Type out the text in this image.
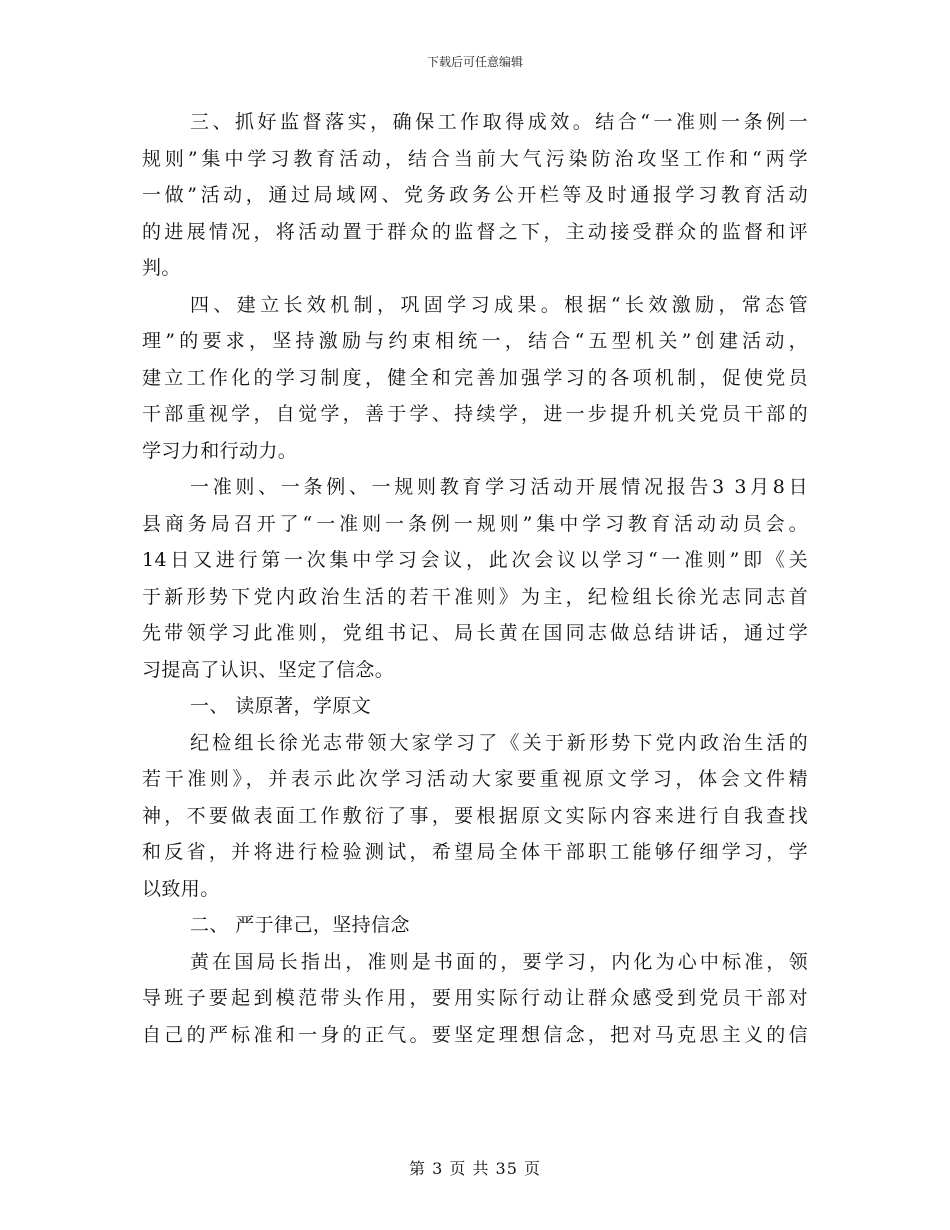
下载后可任意编辑
三、抓好监督落实，确保工作取得成效。结合“一准则一条例一
规则”集中学习教育活动，结合当前大气污染防治攻坚工作和“两学
一做”活动，通过局域网、党务政务公开栏等及时通报学习教育活动
的进展情况，将活动置于群众的监督之下，主动接受群众的监督和评
判。
四、建立长效机制，巩固学习成果。根据“长效激励，常态管
理”的要求，坚持激励与约束相统一，结合“五型机关”创建活动，
建立工作化的学习制度，健全和完善加强学习的各项机制，促使党员
干部重视学，自觉学，善于学、持续学，进一步提升机关党员干部的
学习力和行动力。
一准则、一条例、一规则教育学习活动开展情况报告3 3月8日
县商务局召开了“一准则一条例一规则”集中学习教育活动动员会。
14日又进行第一次集中学习会议，此次会议以学习“一准则”即《关
于新形势下党内政治生活的若干准则》为主，纪检组长徐光志同志首
先带领学习此准则，党组书记、局长黄在国同志做总结讲话，通过学
习提高了认识、坚定了信念。
一、 读原著，学原文
纪检组长徐光志带领大家学习了《关于新形势下党内政治生活的
若干准则》，并表示此次学习活动大家要重视原文学习，体会文件精
神，不要做表面工作敷衍了事，要根据原文实际内容来进行自我查找
和反省，并将进行检验测试，希望局全体干部职工能够仔细学习，学
以致用。
二、 严于律己，坚持信念
黄在国局长指出，准则是书面的，要学习，内化为心中标准，领
导班子要起到模范带头作用，要用实际行动让群众感受到党员干部对
自己的严标准和一身的正气。要坚定理想信念，把对马克思主义的信
第 3 页 共 35 页
